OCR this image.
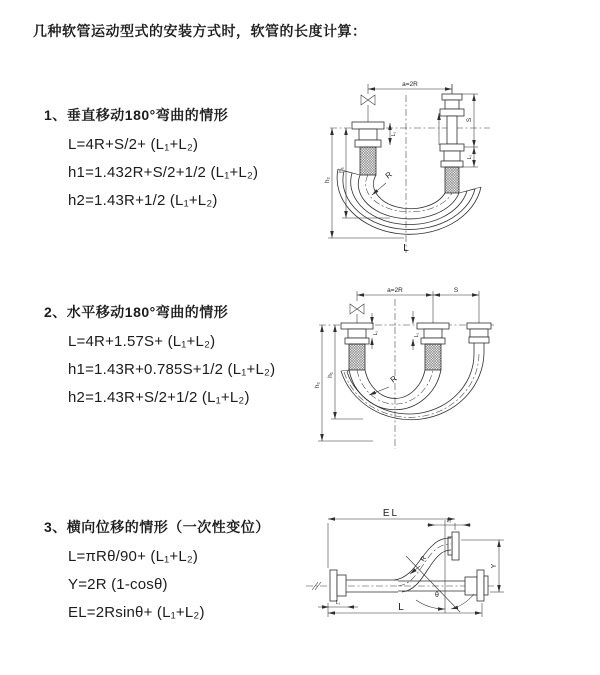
几种软管运动型式的安装方式时，软管的长度计算：
1、垂直移动180°弯曲的情形
L=4R+S/2+ (L₁+L₂)
h1=1.432R+S/2+1/2 (L₁+L₂)
h2=1.43R+1/2 (L₁+L₂)
2、水平移动180°弯曲的情形
L=4R+1.57S+ (L₁+L₂)
h1=1.43R+0.785S+1/2 (L₁+L₂)
h2=1.43R+S/2+1/2 (L₁+L₂)
3、横向位移的情形（一次性变位）
L=πRθ/90+ (L₁+L₂)
Y=2R (1-cosθ)
EL=2Rsinθ+ (L₁+L₂)
a=2R
h₂
h₁
L₁
S
L₁
R
L
a=2R	S
h₂
h₁
L₁	L₁
R
EL
L₂
Y
θ
R
L
L₁
